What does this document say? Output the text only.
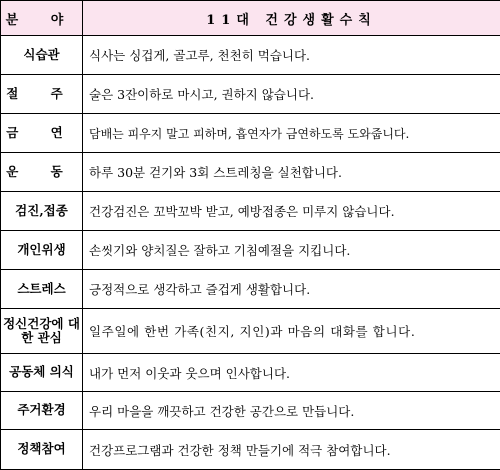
분 야	11대 건강생활수칙
식습관	식사는 싱겁게, 골고루, 천천히 먹습니다.
절 주	술은 3잔이하로 마시고, 권하지 않습니다.
금 연	담배는 피우지 말고 피하며, 흡연자가 금연하도록 도와줍니다.
운 동	하루 30분 걷기와 3회 스트레칭을 실천합니다.
검진,접종	건강검진은 꼬박꼬박 받고, 예방접종은 미루지 않습니다.
개인위생	손씻기와 양치질은 잘하고 기침예절을 지킵니다.
스트레스	긍정적으로 생각하고 즐겁게 생활합니다.
정신건강에 대한 관심	일주일에 한번 가족(친지, 지인)과 마음의 대화를 합니다.
공동체 의식	내가 먼저 이웃과 웃으며 인사합니다.
주거환경	우리 마을을 깨끗하고 건강한 공간으로 만듭니다.
정책참여	건강프로그램과 건강한 정책 만들기에 적극 참여합니다.
